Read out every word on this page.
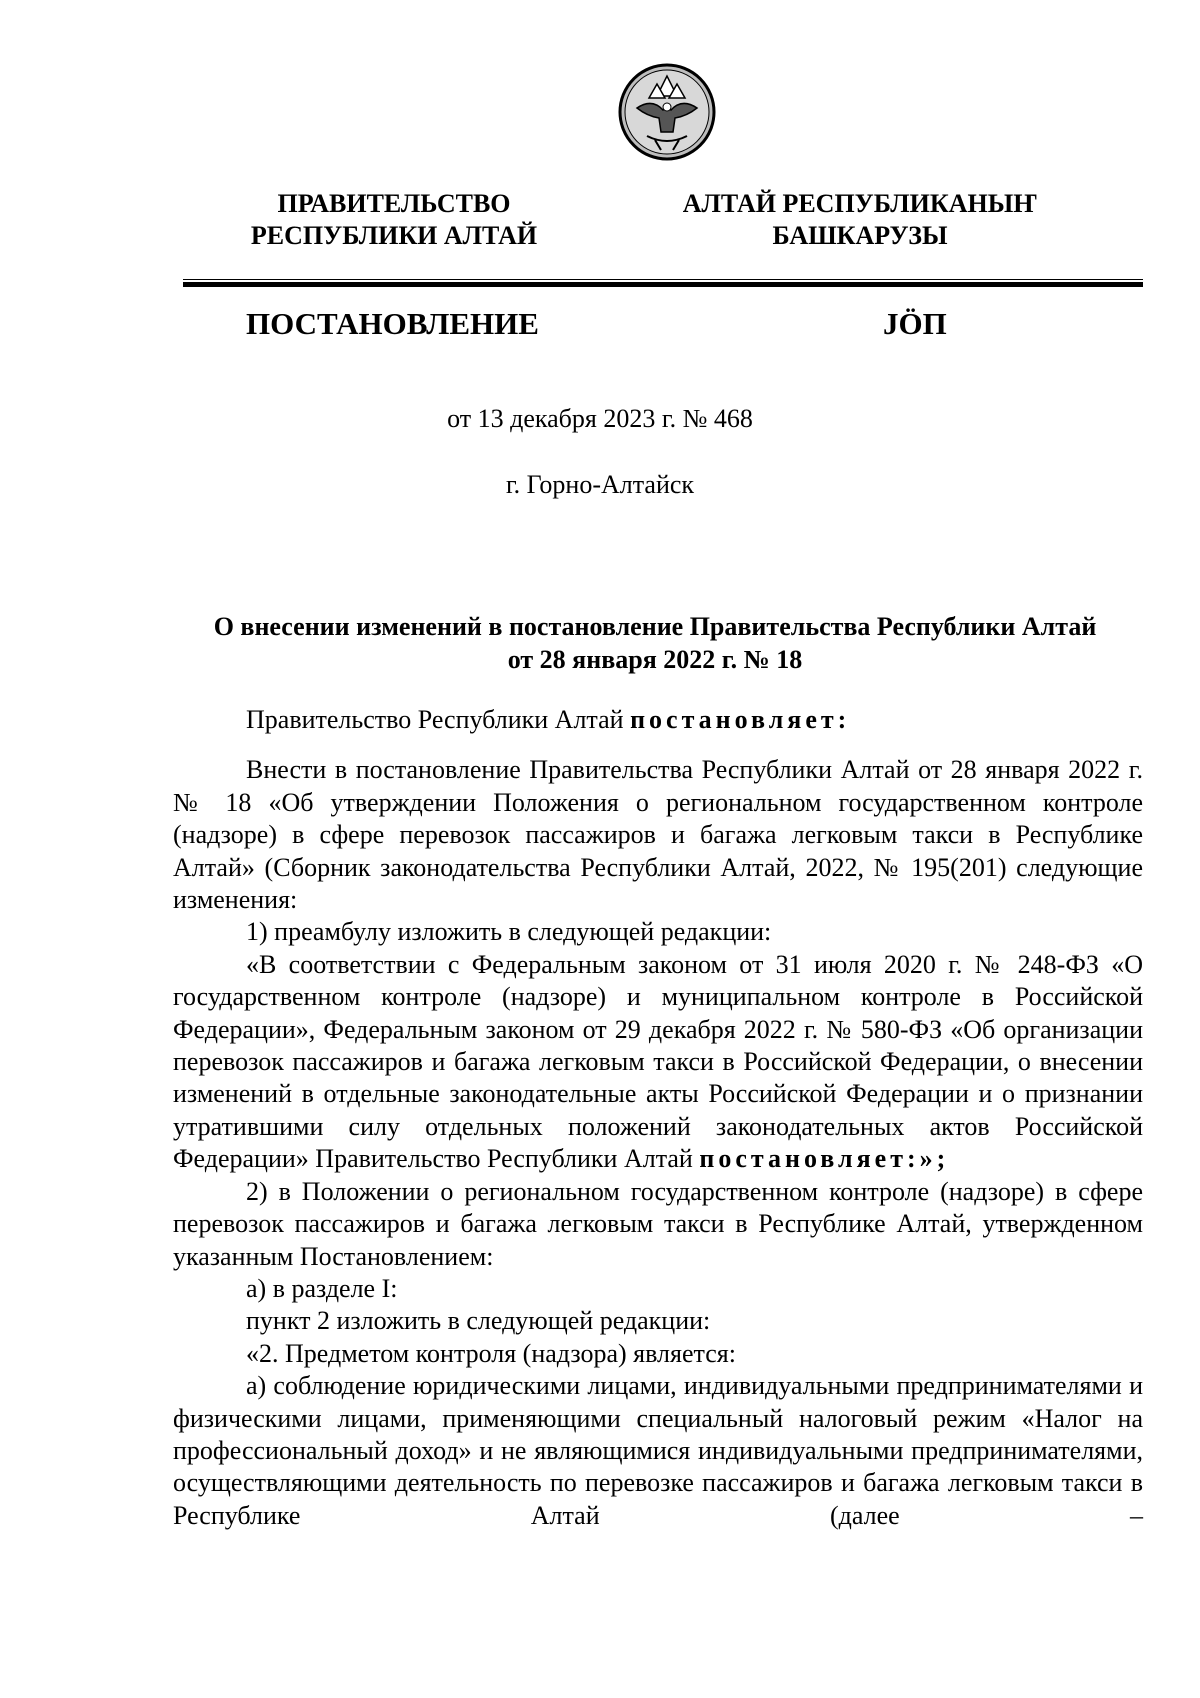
ПРАВИТЕЛЬСТВО
РЕСПУБЛИКИ АЛТАЙ
АЛТАЙ РЕСПУБЛИКАНЫҤ
БАШКАРУЗЫ
ПОСТАНОВЛЕНИЕ	JӦП
от 13 декабря 2023 г. № 468
г. Горно-Алтайск
О внесении изменений в постановление Правительства Республики Алтай
от 28 января 2022 г. № 18

Правительство Республики Алтай постановляет:

Внести в постановление Правительства Республики Алтай от 28 января 2022 г. № 18 «Об утверждении Положения о региональном государственном контроле (надзоре) в сфере перевозок пассажиров и багажа легковым такси в Республике Алтай» (Сборник законодательства Республики Алтай, 2022, № 195(201) следующие изменения:

1) преамбулу изложить в следующей редакции:

«В соответствии с Федеральным законом от 31 июля 2020 г. № 248-ФЗ «О государственном контроле (надзоре) и муниципальном контроле в Российской Федерации», Федеральным законом от 29 декабря 2022 г. № 580-ФЗ «Об организации перевозок пассажиров и багажа легковым такси в Российской Федерации, о внесении изменений в отдельные законодательные акты Российской Федерации и о признании утратившими силу отдельных положений законодательных актов Российской Федерации» Правительство Республики Алтай постановляет:»;

2) в Положении о региональном государственном контроле (надзоре) в сфере перевозок пассажиров и багажа легковым такси в Республике Алтай, утвержденном указанным Постановлением:

а) в разделе I:

пункт 2 изложить в следующей редакции:

«2. Предметом контроля (надзора) является:

а) соблюдение юридическими лицами, индивидуальными предпринимателями и физическими лицами, применяющими специальный налоговый режим «Налог на профессиональный доход» и не являющимися индивидуальными предпринимателями, осуществляющими деятельность по перевозке пассажиров и багажа легковым такси в Республике Алтай (далее –
